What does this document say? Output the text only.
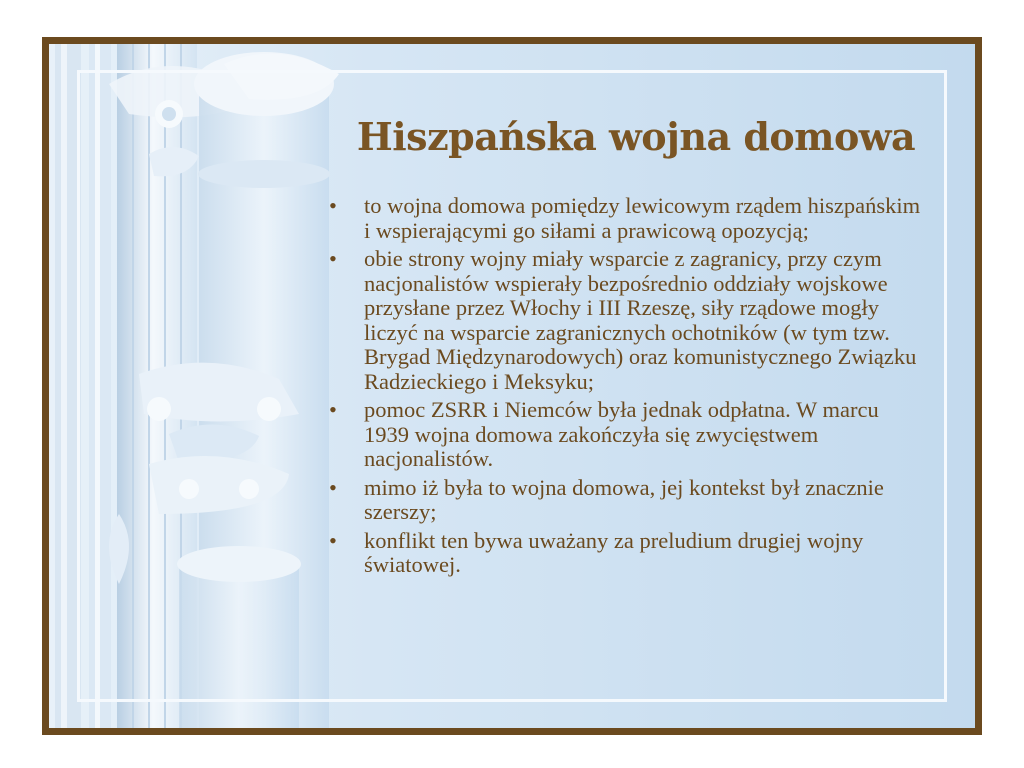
Hiszpańska wojna domowa
• to wojna domowa pomiędzy lewicowym rządem hiszpańskim i wspierającymi go siłami a prawicową opozycją;
• obie strony wojny miały wsparcie z zagranicy, przy czym nacjonalistów wspierały bezpośrednio oddziały wojskowe przysłane przez Włochy i III Rzeszę, siły rządowe mogły liczyć na wsparcie zagranicznych ochotników (w tym tzw. Brygad Międzynarodowych) oraz komunistycznego Związku Radzieckiego i Meksyku;
• pomoc ZSRR i Niemców była jednak odpłatna. W marcu 1939 wojna domowa zakończyła się zwycięstwem nacjonalistów.
• mimo iż była to wojna domowa, jej kontekst był znacznie szerszy;
• konflikt ten bywa uważany za preludium drugiej wojny światowej.
